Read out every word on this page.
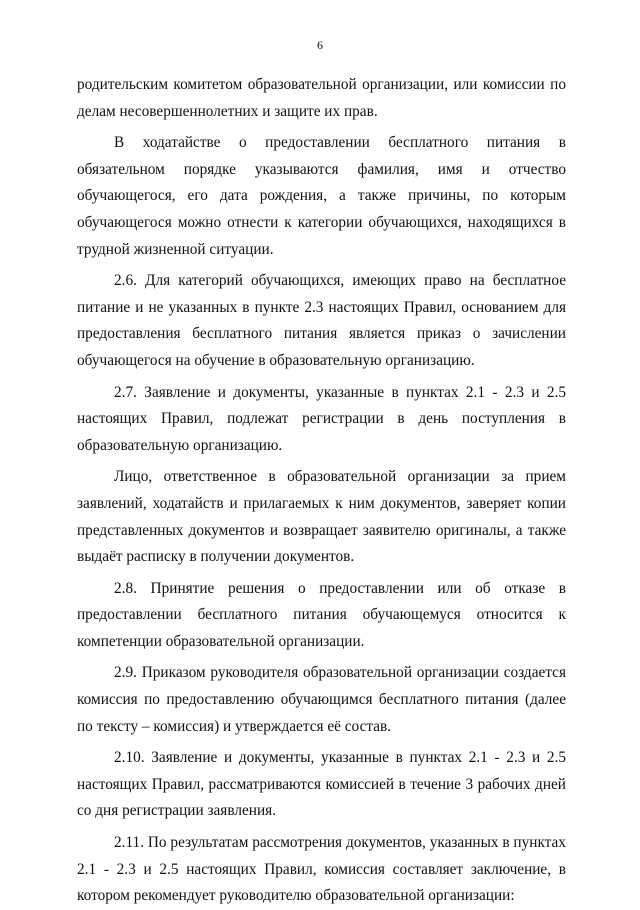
6

родительским комитетом образовательной организации, или комиссии по делам несовершеннолетних и защите их прав.

В ходатайстве о предоставлении бесплатного питания в обязательном порядке указываются фамилия, имя и отчество обучающегося, его дата рождения, а также причины, по которым обучающегося можно отнести к категории обучающихся, находящихся в трудной жизненной ситуации.

2.6. Для категорий обучающихся, имеющих право на бесплатное питание и не указанных в пункте 2.3 настоящих Правил, основанием для предоставления бесплатного питания является приказ о зачислении обучающегося на обучение в образовательную организацию.

2.7. Заявление и документы, указанные в пунктах 2.1 - 2.3 и 2.5 настоящих Правил, подлежат регистрации в день поступления в образовательную организацию.

Лицо, ответственное в образовательной организации за прием заявлений, ходатайств и прилагаемых к ним документов, заверяет копии представленных документов и возвращает заявителю оригиналы, а также выдаёт расписку в получении документов.

2.8. Принятие решения о предоставлении или об отказе в предоставлении бесплатного питания обучающемуся относится к компетенции образовательной организации.

2.9. Приказом руководителя образовательной организации создается комиссия по предоставлению обучающимся бесплатного питания (далее по тексту – комиссия) и утверждается её состав.

2.10. Заявление и документы, указанные в пунктах 2.1 - 2.3 и 2.5 настоящих Правил, рассматриваются комиссией в течение 3 рабочих дней со дня регистрации заявления.

2.11. По результатам рассмотрения документов, указанных в пунктах 2.1 - 2.3 и 2.5 настоящих Правил, комиссия составляет заключение, в котором рекомендует руководителю образовательной организации:
